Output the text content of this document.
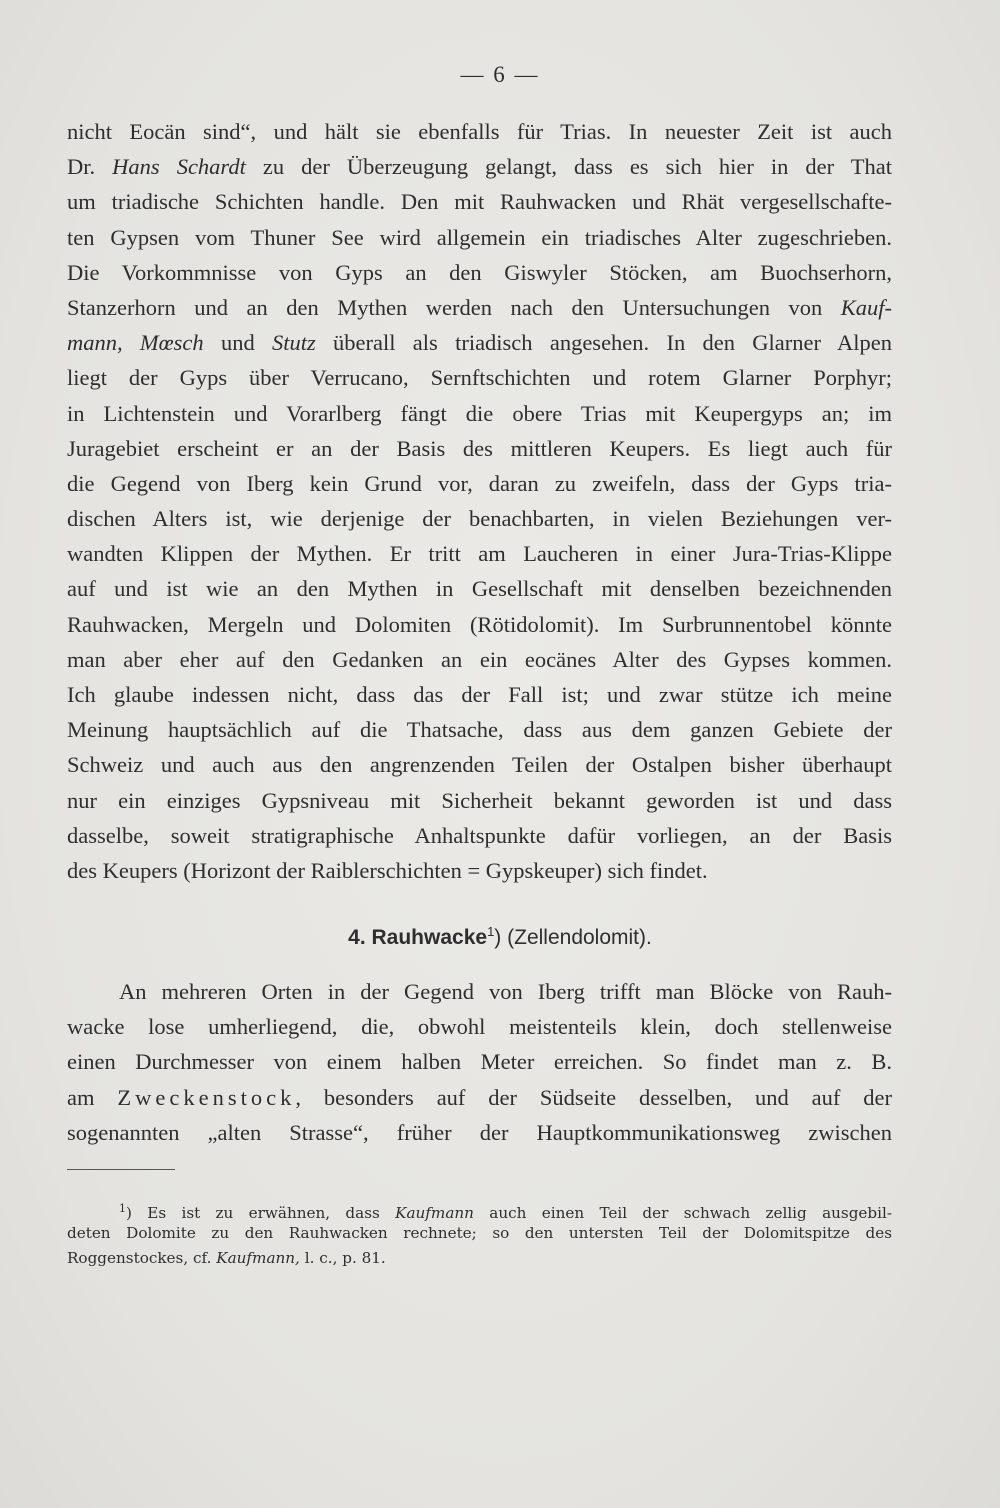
— 6 —
nicht Eocän sind“, und hält sie ebenfalls für Trias. In neuester Zeit ist auch
Dr. Hans Schardt zu der Überzeugung gelangt, dass es sich hier in der That
um triadische Schichten handle. Den mit Rauhwacken und Rhät vergesellschafte-
ten Gypsen vom Thuner See wird allgemein ein triadisches Alter zugeschrieben.
Die Vorkommnisse von Gyps an den Giswyler Stöcken, am Buochserhorn,
Stanzerhorn und an den Mythen werden nach den Untersuchungen von Kauf-
mann, Mœsch und Stutz überall als triadisch angesehen. In den Glarner Alpen
liegt der Gyps über Verrucano, Sernftschichten und rotem Glarner Porphyr;
in Lichtenstein und Vorarlberg fängt die obere Trias mit Keupergyps an; im
Juragebiet erscheint er an der Basis des mittleren Keupers. Es liegt auch für
die Gegend von Iberg kein Grund vor, daran zu zweifeln, dass der Gyps tria-
dischen Alters ist, wie derjenige der benachbarten, in vielen Beziehungen ver-
wandten Klippen der Mythen. Er tritt am Laucheren in einer Jura-Trias-Klippe
auf und ist wie an den Mythen in Gesellschaft mit denselben bezeichnenden
Rauhwacken, Mergeln und Dolomiten (Rötidolomit). Im Surbrunnentobel könnte
man aber eher auf den Gedanken an ein eocänes Alter des Gypses kommen.
Ich glaube indessen nicht, dass das der Fall ist; und zwar stütze ich meine
Meinung hauptsächlich auf die Thatsache, dass aus dem ganzen Gebiete der
Schweiz und auch aus den angrenzenden Teilen der Ostalpen bisher überhaupt
nur ein einziges Gypsniveau mit Sicherheit bekannt geworden ist und dass
dasselbe, soweit stratigraphische Anhaltspunkte dafür vorliegen, an der Basis
des Keupers (Horizont der Raiblerschichten = Gypskeuper) sich findet.
4. Rauhwacke$^1$) (Zellendolomit).
An mehreren Orten in der Gegend von Iberg trifft man Blöcke von Rauh-
wacke lose umherliegend, die, obwohl meistenteils klein, doch stellenweise
einen Durchmesser von einem halben Meter erreichen. So findet man z. B.
am Zweckenstock, besonders auf der Südseite desselben, und auf der
sogenannten „alten Strasse“, früher der Hauptkommunikationsweg zwischen
$^1$) Es ist zu erwähnen, dass Kaufmann auch einen Teil der schwach zellig ausgebil-
deten Dolomite zu den Rauhwacken rechnete; so den untersten Teil der Dolomitspitze des
Roggenstockes, cf. Kaufmann, l. c., p. 81.
